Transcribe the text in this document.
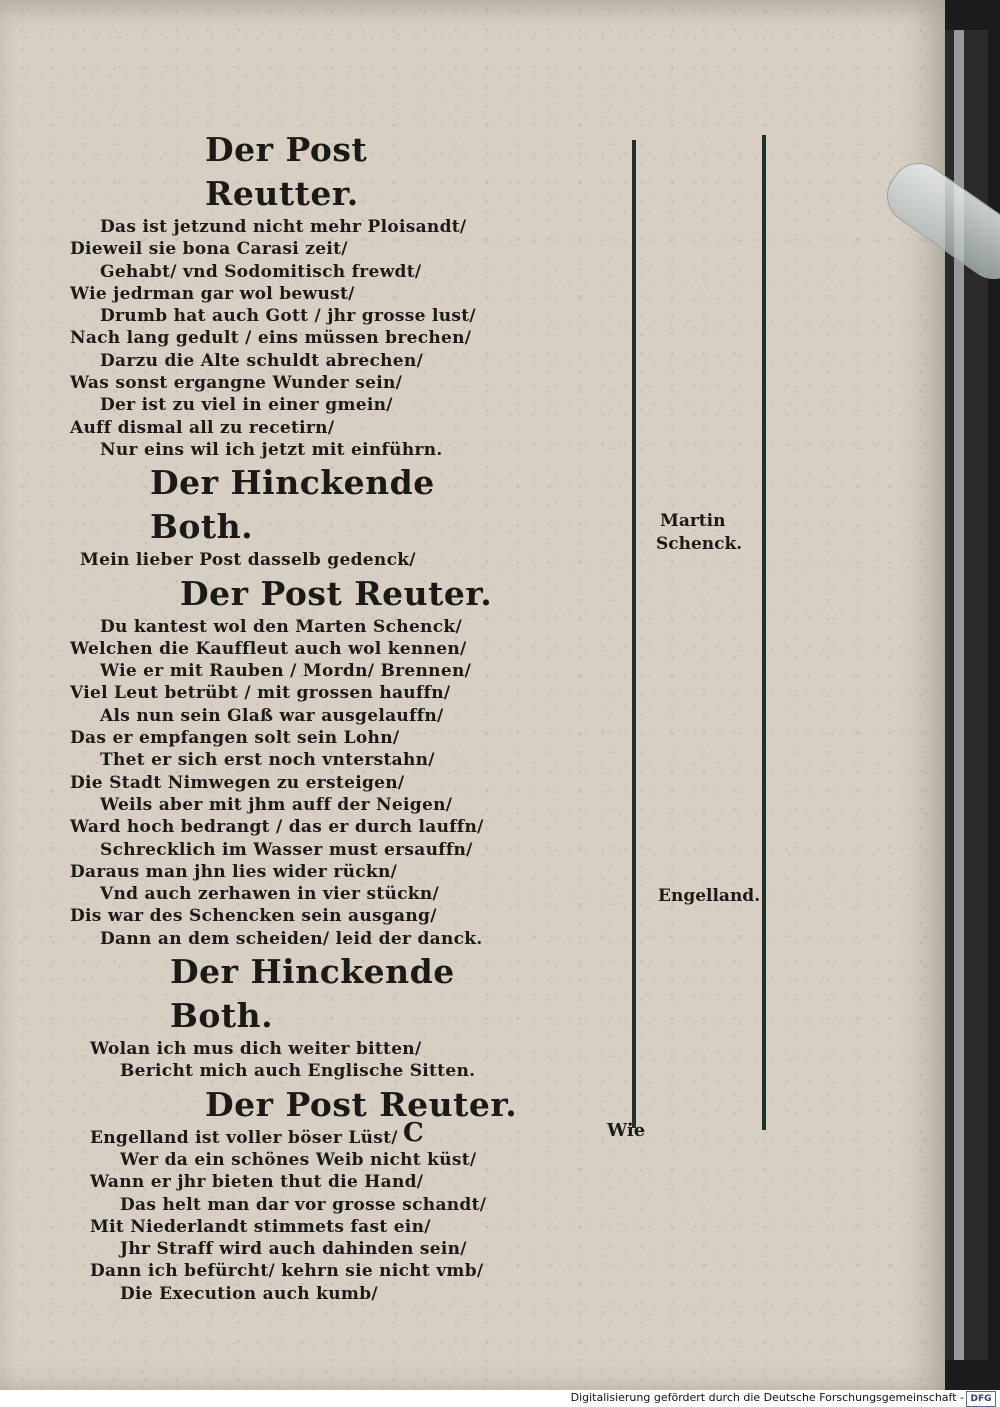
Der Post Reutter.
Das ist jetzund nicht mehr Ploisandt/
Dieweil sie bona Carasi zeit/
Gehabt/ vnd Sodomitisch frewdt/
Wie jedrman gar wol bewust/
Drumb hat auch Gott / jhr grosse lust/
Nach lang gedult / eins müssen brechen/
Darzu die Alte schuldt abrechen/
Was sonst ergangne Wunder sein/
Der ist zu viel in einer gmein/
Auff dismal all zu recetirn/
Nur eins wil ich jetzt mit einführn.
Der Hinckende Both.
Mein lieber Post dasselb gedenck/
Der Post Reuter.
Du kantest wol den Marten Schenck/
Welchen die Kauffleut auch wol kennen/
Wie er mit Rauben / Mordn/ Brennen/
Viel Leut betrübt / mit grossen hauffn/
Als nun sein Glaß war ausgelauffn/
Das er empfangen solt sein Lohn/
Thet er sich erst noch vnterstahn/
Die Stadt Nimwegen zu ersteigen/
Weils aber mit jhm auff der Neigen/
Ward hoch bedrangt / das er durch lauffn/
Schrecklich im Wasser must ersauffn/
Daraus man jhn lies wider rückn/
Vnd auch zerhawen in vier stückn/
Dis war des Schencken sein ausgang/
Dann an dem scheiden/ leid der danck.
Der Hinckende Both.
Wolan ich mus dich weiter bitten/
Bericht mich auch Englische Sitten.
Der Post Reuter.
Engelland ist voller böser Lüst/
Wer da ein schönes Weib nicht küst/
Wann er jhr bieten thut die Hand/
Das helt man dar vor grosse schandt/
Mit Niederlandt stimmets fast ein/
Jhr Straff wird auch dahinden sein/
Dann ich befürcht/ kehrn sie nicht vmb/
Die Execution auch kumb/
Martin
Schenck.
Engelland.
C	Wie
Digitalisierung gefördert durch die Deutsche Forschungsgemeinschaft - DFG
